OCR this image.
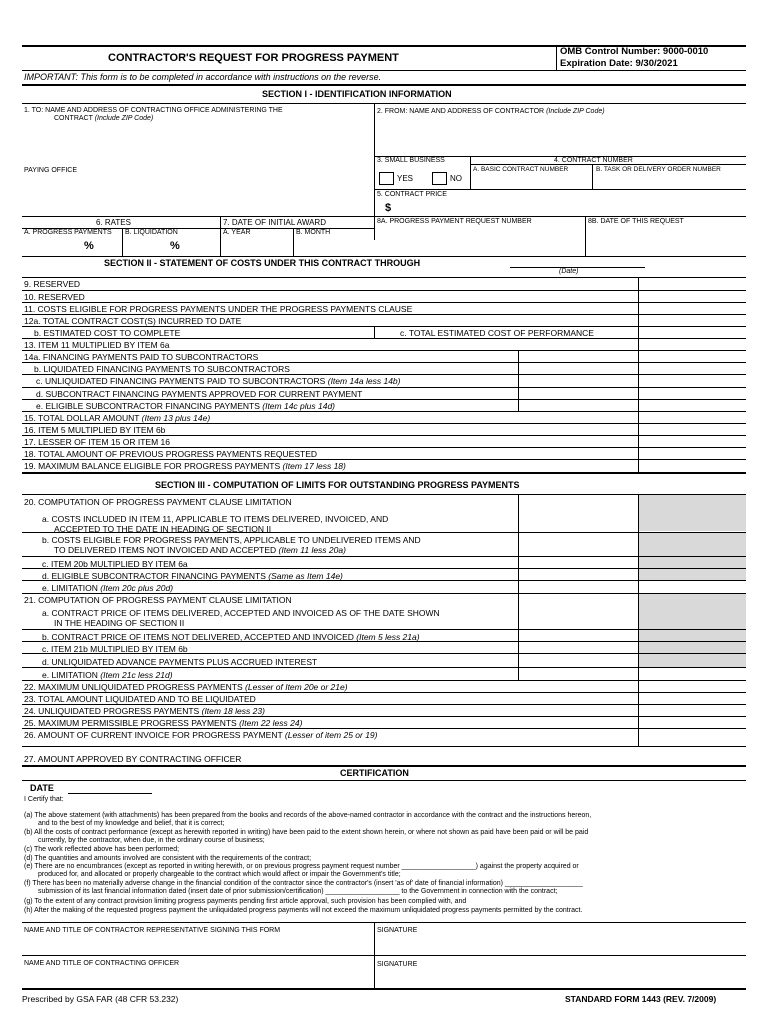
CONTRACTOR'S REQUEST FOR PROGRESS PAYMENT
OMB Control Number: 9000-0010
Expiration Date: 9/30/2021
IMPORTANT: This form is to be completed in accordance with instructions on the reverse.
SECTION I - IDENTIFICATION INFORMATION
1. TO: NAME AND ADDRESS OF CONTRACTING OFFICE ADMINISTERING THE
CONTRACT (Include ZIP Code)
2. FROM: NAME AND ADDRESS OF CONTRACTOR (Include ZIP Code)
PAYING OFFICE
3. SMALL BUSINESS	4. CONTRACT NUMBER
A. BASIC CONTRACT NUMBER	B. TASK OR DELIVERY ORDER NUMBER
YES	NO
5. CONTRACT PRICE
$
6. RATES	7. DATE OF INITIAL AWARD	8A. PROGRESS PAYMENT REQUEST NUMBER	8B. DATE OF THIS REQUEST
A. PROGRESS PAYMENTS B. LIQUIDATION	A. YEAR	B. MONTH
%	%
SECTION II - STATEMENT OF COSTS UNDER THIS CONTRACT THROUGH
(Date)
9. RESERVED
10. RESERVED
11. COSTS ELIGIBLE FOR PROGRESS PAYMENTS UNDER THE PROGRESS PAYMENTS CLAUSE
12a. TOTAL CONTRACT COST(S) INCURRED TO DATE
b. ESTIMATED COST TO COMPLETE	c. TOTAL ESTIMATED COST OF PERFORMANCE
13. ITEM 11 MULTIPLIED BY ITEM 6a
14a. FINANCING PAYMENTS PAID TO SUBCONTRACTORS
b. LIQUIDATED FINANCING PAYMENTS TO SUBCONTRACTORS
c. UNLIQUIDATED FINANCING PAYMENTS PAID TO SUBCONTRACTORS (Item 14a less 14b)
d. SUBCONTRACT FINANCING PAYMENTS APPROVED FOR CURRENT PAYMENT
e. ELIGIBLE SUBCONTRACTOR FINANCING PAYMENTS (Item 14c plus 14d)
15. TOTAL DOLLAR AMOUNT (Item 13 plus 14e)
16. ITEM 5 MULTIPLIED BY ITEM 6b
17. LESSER OF ITEM 15 OR ITEM 16
18. TOTAL AMOUNT OF PREVIOUS PROGRESS PAYMENTS REQUESTED
19. MAXIMUM BALANCE ELIGIBLE FOR PROGRESS PAYMENTS (Item 17 less 18)
SECTION III - COMPUTATION OF LIMITS FOR OUTSTANDING PROGRESS PAYMENTS
20. COMPUTATION OF PROGRESS PAYMENT CLAUSE LIMITATION
a. COSTS INCLUDED IN ITEM 11, APPLICABLE TO ITEMS DELIVERED, INVOICED, AND
ACCEPTED TO THE DATE IN HEADING OF SECTION II
b. COSTS ELIGIBLE FOR PROGRESS PAYMENTS, APPLICABLE TO UNDELIVERED ITEMS AND
TO DELIVERED ITEMS NOT INVOICED AND ACCEPTED (Item 11 less 20a)
c. ITEM 20b MULTIPLIED BY ITEM 6a
d. ELIGIBLE SUBCONTRACTOR FINANCING PAYMENTS (Same as Item 14e)
e. LIMITATION (Item 20c plus 20d)
21. COMPUTATION OF PROGRESS PAYMENT CLAUSE LIMITATION
a. CONTRACT PRICE OF ITEMS DELIVERED, ACCEPTED AND INVOICED AS OF THE DATE SHOWN
IN THE HEADING OF SECTION II
b. CONTRACT PRICE OF ITEMS NOT DELIVERED, ACCEPTED AND INVOICED (Item 5 less 21a)
c. ITEM 21b MULTIPLIED BY ITEM 6b
d. UNLIQUIDATED ADVANCE PAYMENTS PLUS ACCRUED INTEREST
e. LIMITATION (Item 21c less 21d)
22. MAXIMUM UNLIQUIDATED PROGRESS PAYMENTS (Lesser of Item 20e or 21e)
23. TOTAL AMOUNT LIQUIDATED AND TO BE LIQUIDATED
24. UNLIQUIDATED PROGRESS PAYMENTS (Item 18 less 23)
25. MAXIMUM PERMISSIBLE PROGRESS PAYMENTS (Item 22 less 24)
26. AMOUNT OF CURRENT INVOICE FOR PROGRESS PAYMENT (Lesser of item 25 or 19)
27. AMOUNT APPROVED BY CONTRACTING OFFICER
CERTIFICATION
DATE
I Certify that:
(a) The above statement (with attachments) has been prepared from the books and records of the above-named contractor in accordance with the contract and the instructions hereon,
and to the best of my knowledge and belief, that it is correct;
(b) All the costs of contract performance (except as herewith reported in writing) have been paid to the extent shown herein, or where not shown as paid have been paid or will be paid
currently, by the contractor, when due, in the ordinary course of business;
(c) The work reflected above has been performed;
(d) The quantities and amounts involved are consistent with the requirements of the contract;
(e) There are no encumbrances (except as reported in writing herewith, or on previous progress payment request number ___________________) against the property acquired or
produced for, and allocated or properly chargeable to the contract which would affect or impair the Government's title;
(f) There has been no materially adverse change in the financial condition of the contractor since the contractor's (insert 'as of' date of financial information) ____________________
submission of its last financial information dated (insert date of prior submission/certification) ___________________ to the Government in connection with the contract;
(g) To the extent of any contract provision limiting progress payments pending first article approval, such provision has been complied with, and
(h) After the making of the requested progress payment the unliquidated progress payments will not exceed the maximum unliquidated progress payments permitted by the contract.
NAME AND TITLE OF CONTRACTOR REPRESENTATIVE SIGNING THIS FORM	SIGNATURE
NAME AND TITLE OF CONTRACTING OFFICER	SIGNATURE
Prescribed by GSA FAR (48 CFR 53.232)	STANDARD FORM 1443 (REV. 7/2009)
